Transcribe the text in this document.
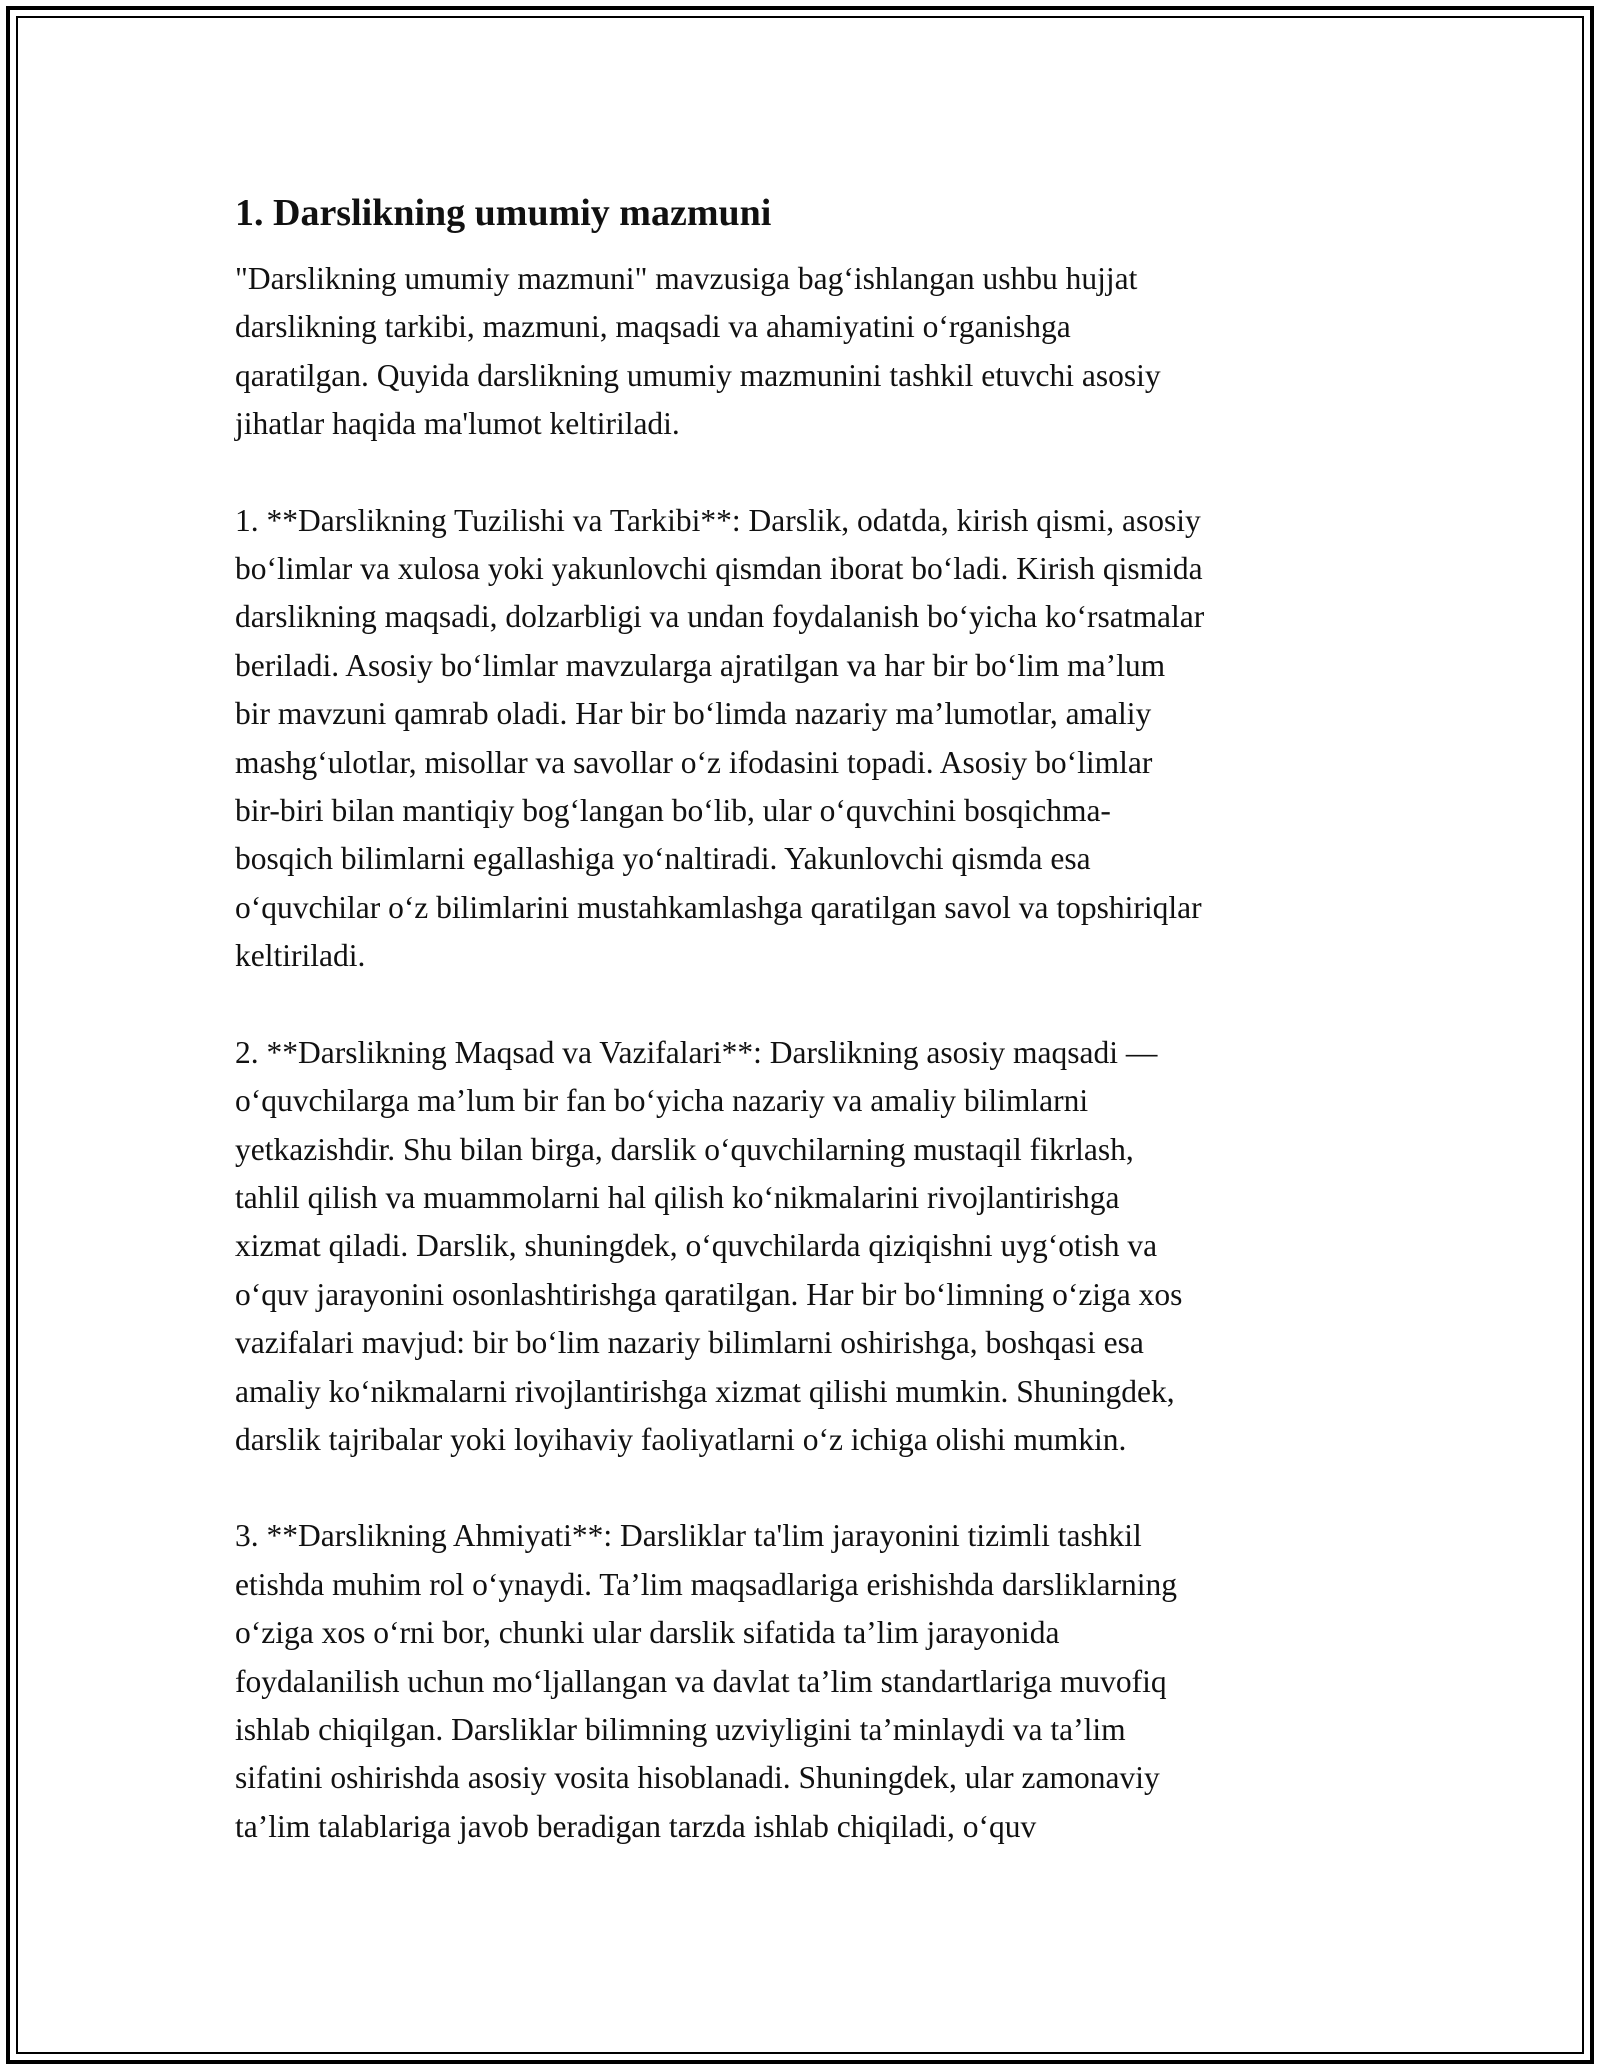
1. Darslikning umumiy mazmuni

"Darslikning umumiy mazmuni" mavzusiga bag‘ishlangan ushbu hujjat
darslikning tarkibi, mazmuni, maqsadi va ahamiyatini o‘rganishga
qaratilgan. Quyida darslikning umumiy mazmunini tashkil etuvchi asosiy
jihatlar haqida ma'lumot keltiriladi.

1. **Darslikning Tuzilishi va Tarkibi**: Darslik, odatda, kirish qismi, asosiy
bo‘limlar va xulosa yoki yakunlovchi qismdan iborat bo‘ladi. Kirish qismida
darslikning maqsadi, dolzarbligi va undan foydalanish bo‘yicha ko‘rsatmalar
beriladi. Asosiy bo‘limlar mavzularga ajratilgan va har bir bo‘lim ma’lum
bir mavzuni qamrab oladi. Har bir bo‘limda nazariy ma’lumotlar, amaliy
mashg‘ulotlar, misollar va savollar o‘z ifodasini topadi. Asosiy bo‘limlar
bir-biri bilan mantiqiy bog‘langan bo‘lib, ular o‘quvchini bosqichma-
bosqich bilimlarni egallashiga yo‘naltiradi. Yakunlovchi qismda esa
o‘quvchilar o‘z bilimlarini mustahkamlashga qaratilgan savol va topshiriqlar
keltiriladi.

2. **Darslikning Maqsad va Vazifalari**: Darslikning asosiy maqsadi —
o‘quvchilarga ma’lum bir fan bo‘yicha nazariy va amaliy bilimlarni
yetkazishdir. Shu bilan birga, darslik o‘quvchilarning mustaqil fikrlash,
tahlil qilish va muammolarni hal qilish ko‘nikmalarini rivojlantirishga
xizmat qiladi. Darslik, shuningdek, o‘quvchilarda qiziqishni uyg‘otish va
o‘quv jarayonini osonlashtirishga qaratilgan. Har bir bo‘limning o‘ziga xos
vazifalari mavjud: bir bo‘lim nazariy bilimlarni oshirishga, boshqasi esa
amaliy ko‘nikmalarni rivojlantirishga xizmat qilishi mumkin. Shuningdek,
darslik tajribalar yoki loyihaviy faoliyatlarni o‘z ichiga olishi mumkin.

3. **Darslikning Ahmiyati**: Darsliklar ta'lim jarayonini tizimli tashkil
etishda muhim rol o‘ynaydi. Ta’lim maqsadlariga erishishda darsliklarning
o‘ziga xos o‘rni bor, chunki ular darslik sifatida ta’lim jarayonida
foydalanilish uchun mo‘ljallangan va davlat ta’lim standartlariga muvofiq
ishlab chiqilgan. Darsliklar bilimning uzviyligini ta’minlaydi va ta’lim
sifatini oshirishda asosiy vosita hisoblanadi. Shuningdek, ular zamonaviy
ta’lim talablariga javob beradigan tarzda ishlab chiqiladi, o‘quv
